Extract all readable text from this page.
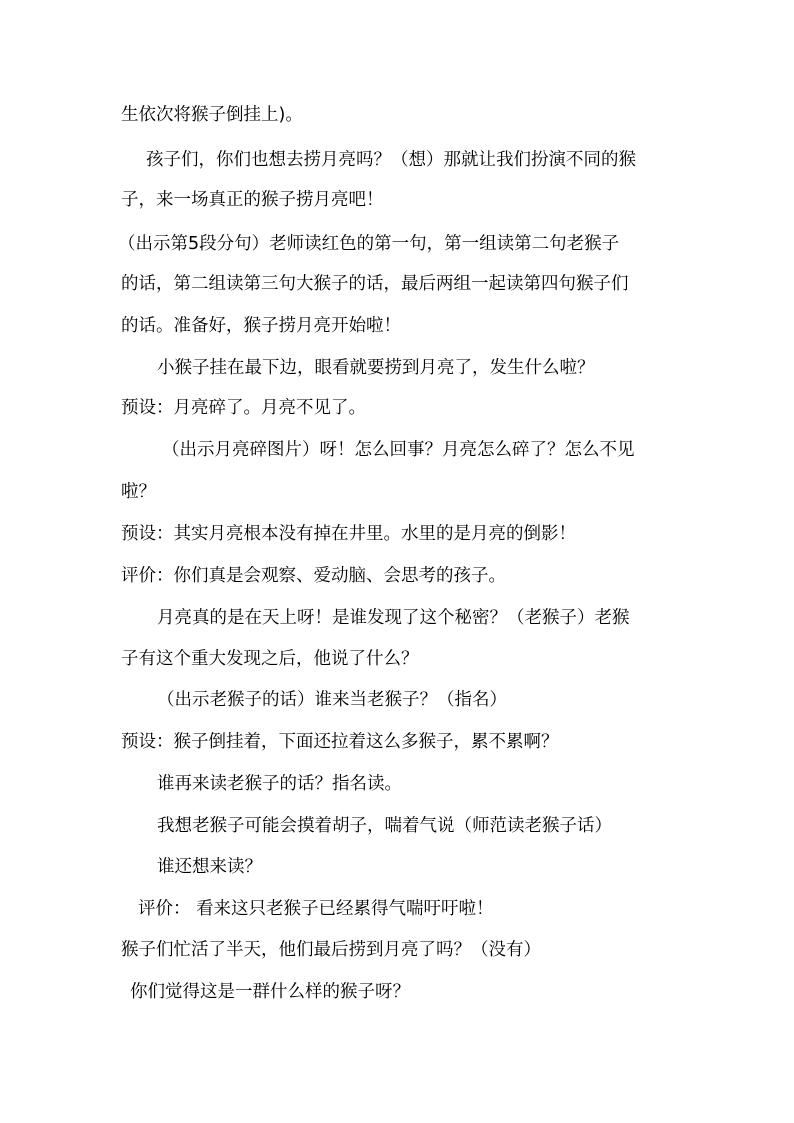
生依次将猴子倒挂上)。
孩子们，你们也想去捞月亮吗？（想）那就让我们扮演不同的猴
子，来一场真正的猴子捞月亮吧！
（出示第5段分句）老师读红色的第一句，第一组读第二句老猴子
的话，第二组读第三句大猴子的话，最后两组一起读第四句猴子们
的话。准备好，猴子捞月亮开始啦！
小猴子挂在最下边，眼看就要捞到月亮了，发生什么啦？
预设：月亮碎了。月亮不见了。
（出示月亮碎图片）呀！怎么回事？月亮怎么碎了？怎么不见
啦？
预设：其实月亮根本没有掉在井里。水里的是月亮的倒影！
评价：你们真是会观察、爱动脑、会思考的孩子。
月亮真的是在天上呀！是谁发现了这个秘密？（老猴子）老猴
子有这个重大发现之后，他说了什么？
（出示老猴子的话）谁来当老猴子？（指名）
预设：猴子倒挂着，下面还拉着这么多猴子，累不累啊？
谁再来读老猴子的话？指名读。
我想老猴子可能会摸着胡子，喘着气说（师范读老猴子话）
谁还想来读？
评价： 看来这只老猴子已经累得气喘吁吁啦！
猴子们忙活了半天，他们最后捞到月亮了吗？（没有）
你们觉得这是一群什么样的猴子呀？
